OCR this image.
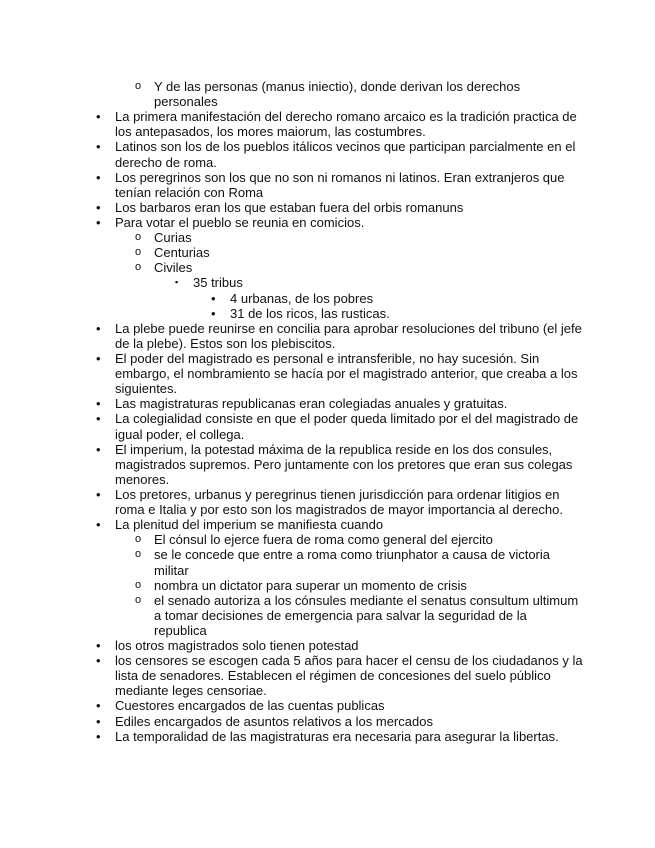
o Y de las personas (manus iniectio), donde derivan los derechos
personales
•	La primera manifestación del derecho romano arcaico es la tradición practica de
los antepasados, los mores maiorum, las costumbres.
•	Latinos son los de los pueblos itálicos vecinos que participan parcialmente en el
derecho de roma.
•	Los peregrinos son los que no son ni romanos ni latinos. Eran extranjeros que
tenían relación con Roma
•	Los barbaros eran los que estaban fuera del orbis romanuns
•	Para votar el pueblo se reunia en comicios.
o Curias
o Centurias
o Civiles
▪	35 tribus
•	4 urbanas, de los pobres
•	31 de los ricos, las rusticas.
•	La plebe puede reunirse en concilia para aprobar resoluciones del tribuno (el jefe
de la plebe). Estos son los plebiscitos.
•	El poder del magistrado es personal e intransferible, no hay sucesión. Sin
embargo, el nombramiento se hacía por el magistrado anterior, que creaba a los
siguientes.
•	Las magistraturas republicanas eran colegiadas anuales y gratuitas.
•	La colegialidad consiste en que el poder queda limitado por el del magistrado de
igual poder, el collega.
•	El imperium, la potestad máxima de la republica reside en los dos consules,
magistrados supremos. Pero juntamente con los pretores que eran sus colegas
menores.
•	Los pretores, urbanus y peregrinus tienen jurisdicción para ordenar litigios en
roma e Italia y por esto son los magistrados de mayor importancia al derecho.
•	La plenitud del imperium se manifiesta cuando
o El cónsul lo ejerce fuera de roma como general del ejercito
o se le concede que entre a roma como triunphator a causa de victoria
militar
o nombra un dictator para superar un momento de crisis
o el senado autoriza a los cónsules mediante el senatus consultum ultimum
a tomar decisiones de emergencia para salvar la seguridad de la
republica
•	los otros magistrados solo tienen potestad
•	los censores se escogen cada 5 años para hacer el censu de los ciudadanos y la
lista de senadores. Establecen el régimen de concesiones del suelo público
mediante leges censoriae.
•	Cuestores encargados de las cuentas publicas
•	Ediles encargados de asuntos relativos a los mercados
•	La temporalidad de las magistraturas era necesaria para asegurar la libertas.
